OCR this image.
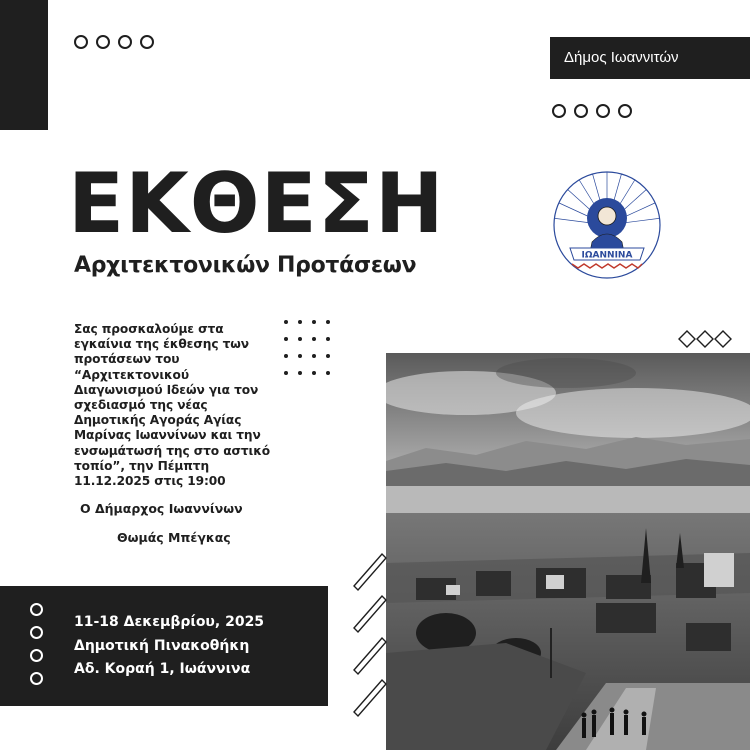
Δήμος Ιωαννιτών
ΕΚΘΕΣΗ
Αρχιτεκτονικών Προτάσεων	ΙΩΑΝΝΙΝΑ

Σας προσκαλούμε στα εγκαίνια της έκθεσης των προτάσεων του “Αρχιτεκτονικού Διαγωνισμού Ιδεών για τον σχεδιασμό της νέας Δημοτικής Αγοράς Αγίας Μαρίνας Ιωαννίνων και την ενσωμάτωσή της στο αστικό τοπίο”, την Πέμπτη 11.12.2025 στις 19:00

Ο Δήμαρχος Ιωαννίνων
Θωμάς Μπέγκας
11-18 Δεκεμβρίου, 2025
Δημοτική Πινακοθήκη
Αδ. Κοραή 1, Ιωάννινα
